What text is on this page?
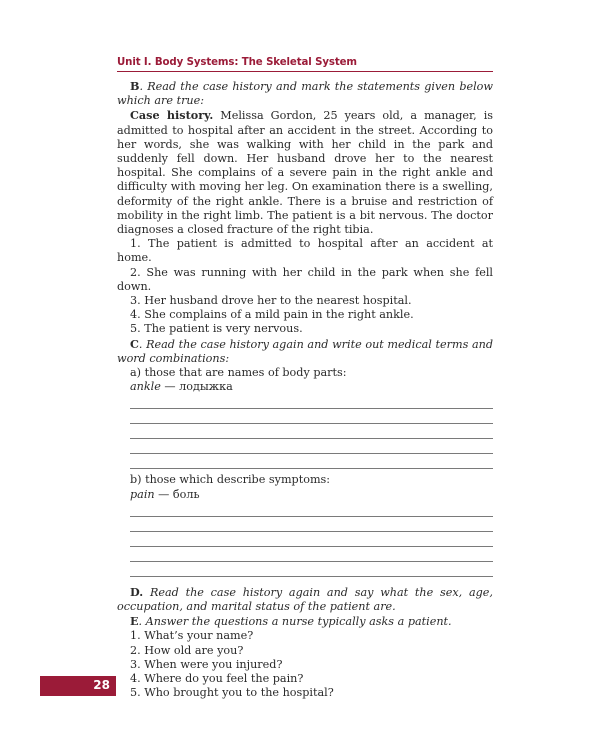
Unit I. Body Systems: The Skeletal System

B. Read the case history and mark the statements given below which are true:

Case history. Melissa Gordon, 25 years old, a manager, is admitted to hospital after an accident in the street. According to her words, she was walking with her child in the park and suddenly fell down. Her husband drove her to the nearest hospital. She complains of a severe pain in the right ankle and difficulty with moving her leg. On examination there is a swelling, deformity of the right ankle. There is a bruise and restriction of mobility in the right limb. The patient is a bit nervous. The doctor diagnoses a closed fracture of the right tibia.

1. The patient is admitted to hospital after an accident at home.

2. She was running with her child in the park when she fell down.

3. Her husband drove her to the nearest hospital.

4. She complains of a mild pain in the right ankle.

5. The patient is very nervous.

C. Read the case history again and write out medical terms and word combinations:

a) those that are names of body parts:

ankle — лодыжка

b) those which describe symptoms:

pain — боль

D. Read the case history again and say what the sex, age, occupation, and marital status of the patient are.

E. Answer the questions a nurse typically asks a patient.

1. What’s your name?

2. How old are you?

3. When were you injured?

4. Where do you feel the pain?

5. Who brought you to the hospital?

28
